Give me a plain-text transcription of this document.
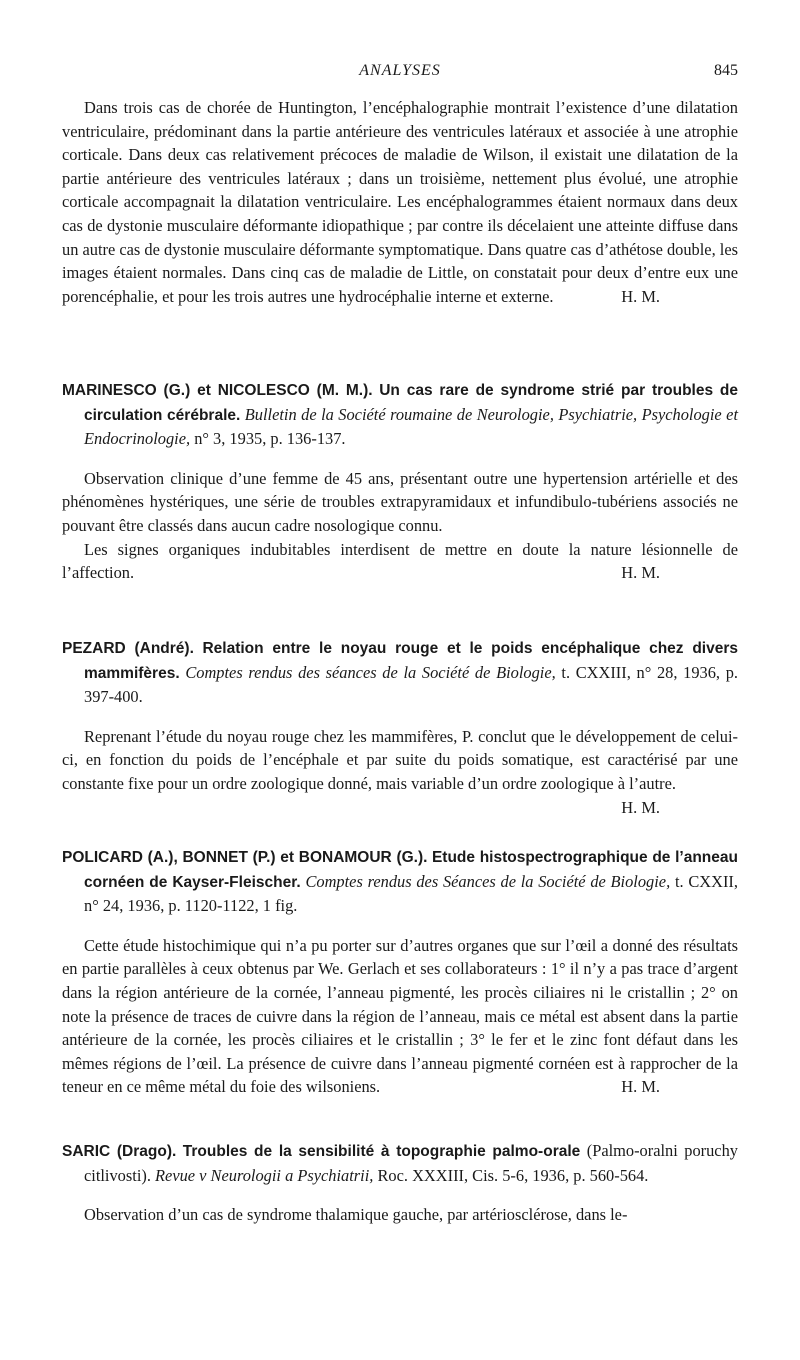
ANALYSES	845

Dans trois cas de chorée de Huntington, l’encéphalographie montrait l’existence d’une dilatation ventriculaire, prédominant dans la partie antérieure des ventricules latéraux et associée à une atrophie corticale. Dans deux cas relativement précoces de maladie de Wilson, il existait une dilatation de la partie antérieure des ventricules latéraux ; dans un troisième, nettement plus évolué, une atrophie corticale accompagnait la dilatation ventriculaire. Les encéphalogrammes étaient normaux dans deux cas de dystonie musculaire déformante idiopathique ; par contre ils décelaient une atteinte diffuse dans un autre cas de dystonie musculaire déformante symptomatique. Dans quatre cas d’athétose double, les images étaient normales. Dans cinq cas de maladie de Little, on constatait pour deux d’entre eux une porencéphalie, et pour les trois autres une hydrocéphalie interne et externe.	H. M.

MARINESCO (G.) et NICOLESCO (M. M.). Un cas rare de syndrome strié par troubles de circulation cérébrale. Bulletin de la Société roumaine de Neurologie, Psychiatrie, Psychologie et Endocrinologie, n° 3, 1935, p. 136-137.

Observation clinique d’une femme de 45 ans, présentant outre une hypertension artérielle et des phénomènes hystériques, une série de troubles extrapyramidaux et infundibulo-tubériens associés ne pouvant être classés dans aucun cadre nosologique connu.

Les signes organiques indubitables interdisent de mettre en doute la nature lésionnelle de l’affection.	H. M.

PEZARD (André). Relation entre le noyau rouge et le poids encéphalique chez divers mammifères. Comptes rendus des séances de la Société de Biologie, t. CXXIII, n° 28, 1936, p. 397-400.

Reprenant l’étude du noyau rouge chez les mammifères, P. conclut que le développement de celui-ci, en fonction du poids de l’encéphale et par suite du poids somatique, est caractérisé par une constante fixe pour un ordre zoologique donné, mais variable d’un ordre zoologique à l’autre.
H. M.

POLICARD (A.), BONNET (P.) et BONAMOUR (G.). Etude histospectrographique de l’anneau cornéen de Kayser-Fleischer. Comptes rendus des Séances de la Société de Biologie, t. CXXII, n° 24, 1936, p. 1120-1122, 1 fig.

Cette étude histochimique qui n’a pu porter sur d’autres organes que sur l’œil a donné des résultats en partie parallèles à ceux obtenus par We. Gerlach et ses collaborateurs : 1° il n’y a pas trace d’argent dans la région antérieure de la cornée, l’anneau pigmenté, les procès ciliaires ni le cristallin ; 2° on note la présence de traces de cuivre dans la région de l’anneau, mais ce métal est absent dans la partie antérieure de la cornée, les procès ciliaires et le cristallin ; 3° le fer et le zinc font défaut dans les mêmes régions de l’œil. La présence de cuivre dans l’anneau pigmenté cornéen est à rapprocher de la teneur en ce même métal du foie des wilsoniens.	H. M.

SARIC (Drago). Troubles de la sensibilité à topographie palmo-orale (Palmo-oralni poruchy citlivosti). Revue v Neurologii a Psychiatrii, Roc. XXXIII, Cis. 5-6, 1936, p. 560-564.

Observation d’un cas de syndrome thalamique gauche, par artériosclérose, dans le-
